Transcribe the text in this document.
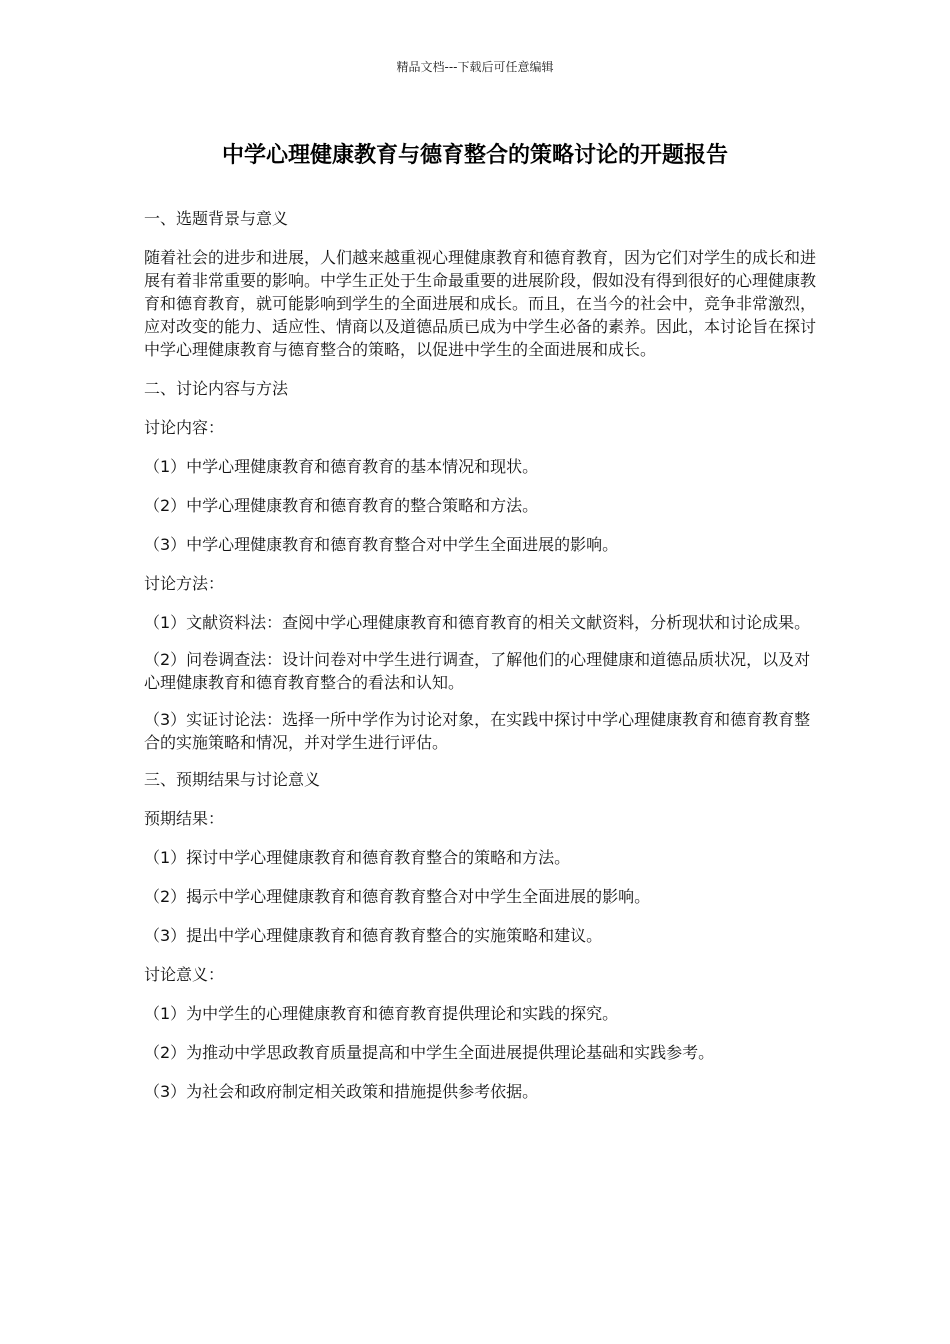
精品文档---下载后可任意编辑
中学心理健康教育与德育整合的策略讨论的开题报告

一、选题背景与意义

随着社会的进步和进展，人们越来越重视心理健康教育和德育教育，因为它们对学生的成长和进展有着非常重要的影响。中学生正处于生命最重要的进展阶段，假如没有得到很好的心理健康教育和德育教育，就可能影响到学生的全面进展和成长。而且，在当今的社会中，竞争非常激烈，应对改变的能力、适应性、情商以及道德品质已成为中学生必备的素养。因此，本讨论旨在探讨中学心理健康教育与德育整合的策略，以促进中学生的全面进展和成长。

二、讨论内容与方法

讨论内容：

（1）中学心理健康教育和德育教育的基本情况和现状。

（2）中学心理健康教育和德育教育的整合策略和方法。

（3）中学心理健康教育和德育教育整合对中学生全面进展的影响。

讨论方法：

（1）文献资料法：查阅中学心理健康教育和德育教育的相关文献资料，分析现状和讨论成果。

（2）问卷调查法：设计问卷对中学生进行调查，了解他们的心理健康和道德品质状况，以及对心理健康教育和德育教育整合的看法和认知。

（3）实证讨论法：选择一所中学作为讨论对象，在实践中探讨中学心理健康教育和德育教育整合的实施策略和情况，并对学生进行评估。

三、预期结果与讨论意义

预期结果：

（1）探讨中学心理健康教育和德育教育整合的策略和方法。

（2）揭示中学心理健康教育和德育教育整合对中学生全面进展的影响。

（3）提出中学心理健康教育和德育教育整合的实施策略和建议。

讨论意义：

（1）为中学生的心理健康教育和德育教育提供理论和实践的探究。

（2）为推动中学思政教育质量提高和中学生全面进展提供理论基础和实践参考。

（3）为社会和政府制定相关政策和措施提供参考依据。
